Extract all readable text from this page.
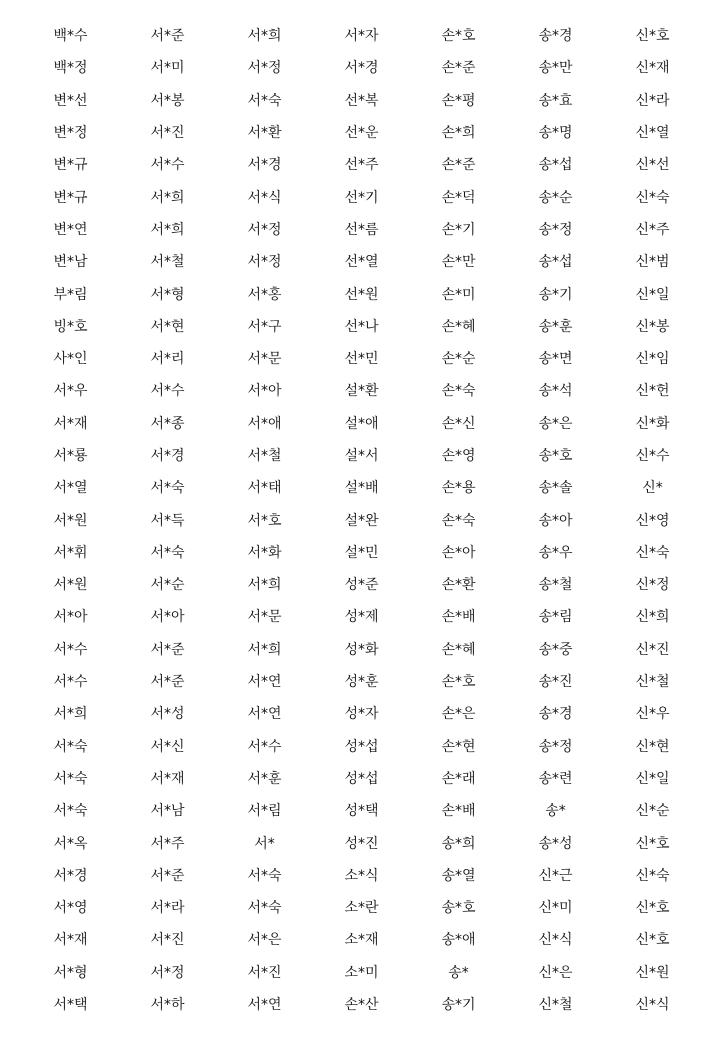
백*수	서*준	서*희	서*자	손*호	송*경	신*호
백*정	서*미	서*정	서*경	손*준	송*만	신*재
변*선	서*봉	서*숙	선*복	손*평	송*효	신*라
변*정	서*진	서*환	선*운	손*희	송*명	신*열
변*규	서*수	서*경	선*주	손*준	송*섭	신*선
변*규	서*희	서*식	선*기	손*덕	송*순	신*숙
변*연	서*희	서*정	선*름	손*기	송*정	신*주
변*남	서*철	서*정	선*열	손*만	송*섭	신*범
부*림	서*형	서*홍	선*원	손*미	송*기	신*일
빙*호	서*현	서*구	선*나	손*혜	송*훈	신*봉
사*인	서*리	서*문	선*민	손*순	송*면	신*임
서*우	서*수	서*아	설*환	손*숙	송*석	신*헌
서*재	서*종	서*애	설*애	손*신	송*은	신*화
서*룡	서*경	서*철	설*서	손*영	송*호	신*수
서*열	서*숙	서*태	설*배	손*용	송*솔	신*
서*원	서*득	서*호	설*완	손*숙	송*아	신*영
서*휘	서*숙	서*화	설*민	손*아	송*우	신*숙
서*원	서*순	서*희	성*준	손*환	송*철	신*정
서*아	서*아	서*문	성*제	손*배	송*림	신*희
서*수	서*준	서*희	성*화	손*혜	송*중	신*진
서*수	서*준	서*연	성*훈	손*호	송*진	신*철
서*희	서*성	서*연	성*자	손*은	송*경	신*우
서*숙	서*신	서*수	성*섭	손*현	송*정	신*현
서*숙	서*재	서*훈	성*섭	손*래	송*련	신*일
서*숙	서*남	서*림	성*택	손*배	송*	신*순
서*옥	서*주	서*	성*진	송*희	송*성	신*호
서*경	서*준	서*숙	소*식	송*열	신*근	신*숙
서*영	서*라	서*숙	소*란	송*호	신*미	신*호
서*재	서*진	서*은	소*재	송*애	신*식	신*호
서*형	서*정	서*진	소*미	송*	신*은	신*원
서*택	서*하	서*연	손*산	송*기	신*철	신*식
